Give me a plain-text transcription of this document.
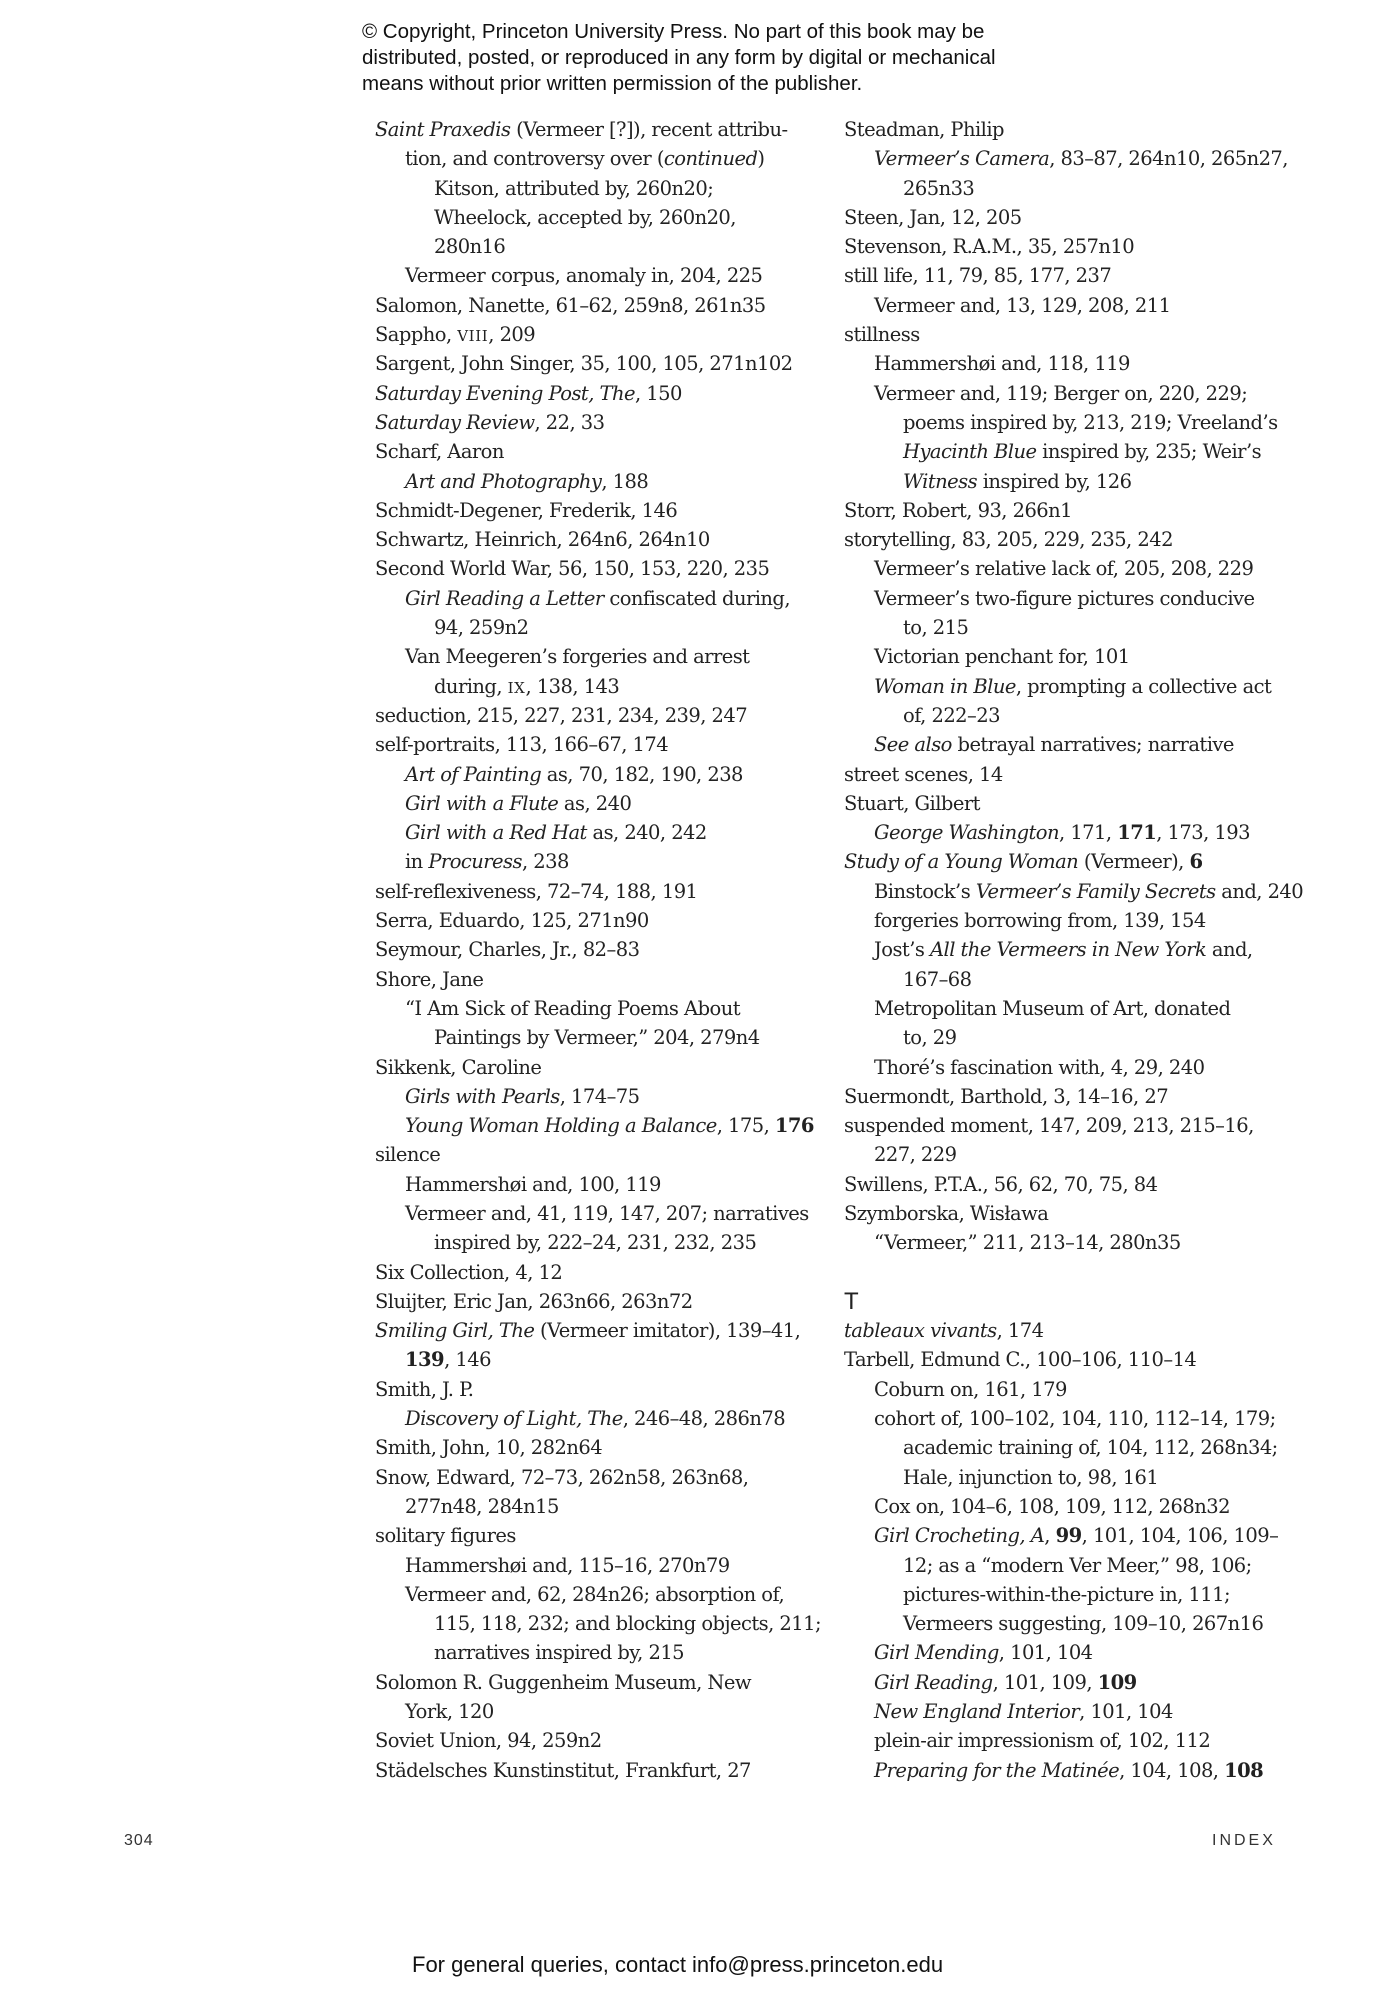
© Copyright, Princeton University Press. No part of this book may be
distributed, posted, or reproduced in any form by digital or mechanical
means without prior written permission of the publisher.
Saint Praxedis (Vermeer [?]), recent attribu-
tion, and controversy over (continued)
Kitson, attributed by, 260n20;
Wheelock, accepted by, 260n20,
280n16
Vermeer corpus, anomaly in, 204, 225
Salomon, Nanette, 61–62, 259n8, 261n35
Sappho, VIII, 209
Sargent, John Singer, 35, 100, 105, 271n102
Saturday Evening Post, The, 150
Saturday Review, 22, 33
Scharf, Aaron
Art and Photography, 188
Schmidt-Degener, Frederik, 146
Schwartz, Heinrich, 264n6, 264n10
Second World War, 56, 150, 153, 220, 235
Girl Reading a Letter confiscated during,
94, 259n2
Van Meegeren’s forgeries and arrest
during, IX, 138, 143
seduction, 215, 227, 231, 234, 239, 247
self-portraits, 113, 166–67, 174
Art of Painting as, 70, 182, 190, 238
Girl with a Flute as, 240
Girl with a Red Hat as, 240, 242
in Procuress, 238
self-reflexiveness, 72–74, 188, 191
Serra, Eduardo, 125, 271n90
Seymour, Charles, Jr., 82–83
Shore, Jane
“I Am Sick of Reading Poems About
Paintings by Vermeer,” 204, 279n4
Sikkenk, Caroline
Girls with Pearls, 174–75
Young Woman Holding a Balance, 175, 176
silence
Hammershøi and, 100, 119
Vermeer and, 41, 119, 147, 207; narratives
inspired by, 222–24, 231, 232, 235
Six Collection, 4, 12
Sluijter, Eric Jan, 263n66, 263n72
Smiling Girl, The (Vermeer imitator), 139–41,
139, 146
Smith, J. P.
Discovery of Light, The, 246–48, 286n78
Smith, John, 10, 282n64
Snow, Edward, 72–73, 262n58, 263n68,
277n48, 284n15
solitary figures
Hammershøi and, 115–16, 270n79
Vermeer and, 62, 284n26; absorption of,
115, 118, 232; and blocking objects, 211;
narratives inspired by, 215
Solomon R. Guggenheim Museum, New
York, 120
Soviet Union, 94, 259n2
Städelsches Kunstinstitut, Frankfurt, 27
Steadman, Philip
Vermeer’s Camera, 83–87, 264n10, 265n27,
265n33
Steen, Jan, 12, 205
Stevenson, R.A.M., 35, 257n10
still life, 11, 79, 85, 177, 237
Vermeer and, 13, 129, 208, 211
stillness
Hammershøi and, 118, 119
Vermeer and, 119; Berger on, 220, 229;
poems inspired by, 213, 219; Vreeland’s
Hyacinth Blue inspired by, 235; Weir’s
Witness inspired by, 126
Storr, Robert, 93, 266n1
storytelling, 83, 205, 229, 235, 242
Vermeer’s relative lack of, 205, 208, 229
Vermeer’s two-figure pictures conducive
to, 215
Victorian penchant for, 101
Woman in Blue, prompting a collective act
of, 222–23
See also betrayal narratives; narrative
street scenes, 14
Stuart, Gilbert
George Washington, 171, 171, 173, 193
Study of a Young Woman (Vermeer), 6
Binstock’s Vermeer’s Family Secrets and, 240
forgeries borrowing from, 139, 154
Jost’s All the Vermeers in New York and,
167–68
Metropolitan Museum of Art, donated
to, 29
Thoré’s fascination with, 4, 29, 240
Suermondt, Barthold, 3, 14–16, 27
suspended moment, 147, 209, 213, 215–16,
227, 229
Swillens, P.T.A., 56, 62, 70, 75, 84
Szymborska, Wisława
“Vermeer,” 211, 213–14, 280n35
T
tableaux vivants, 174
Tarbell, Edmund C., 100–106, 110–14
Coburn on, 161, 179
cohort of, 100–102, 104, 110, 112–14, 179;
academic training of, 104, 112, 268n34;
Hale, injunction to, 98, 161
Cox on, 104–6, 108, 109, 112, 268n32
Girl Crocheting, A, 99, 101, 104, 106, 109–
12; as a “modern Ver Meer,” 98, 106;
pictures-within-the-picture in, 111;
Vermeers suggesting, 109–10, 267n16
Girl Mending, 101, 104
Girl Reading, 101, 109, 109
New England Interior, 101, 104
plein-air impressionism of, 102, 112
Preparing for the Matinée, 104, 108, 108
304	INDEX
For general queries, contact info@press.princeton.edu
